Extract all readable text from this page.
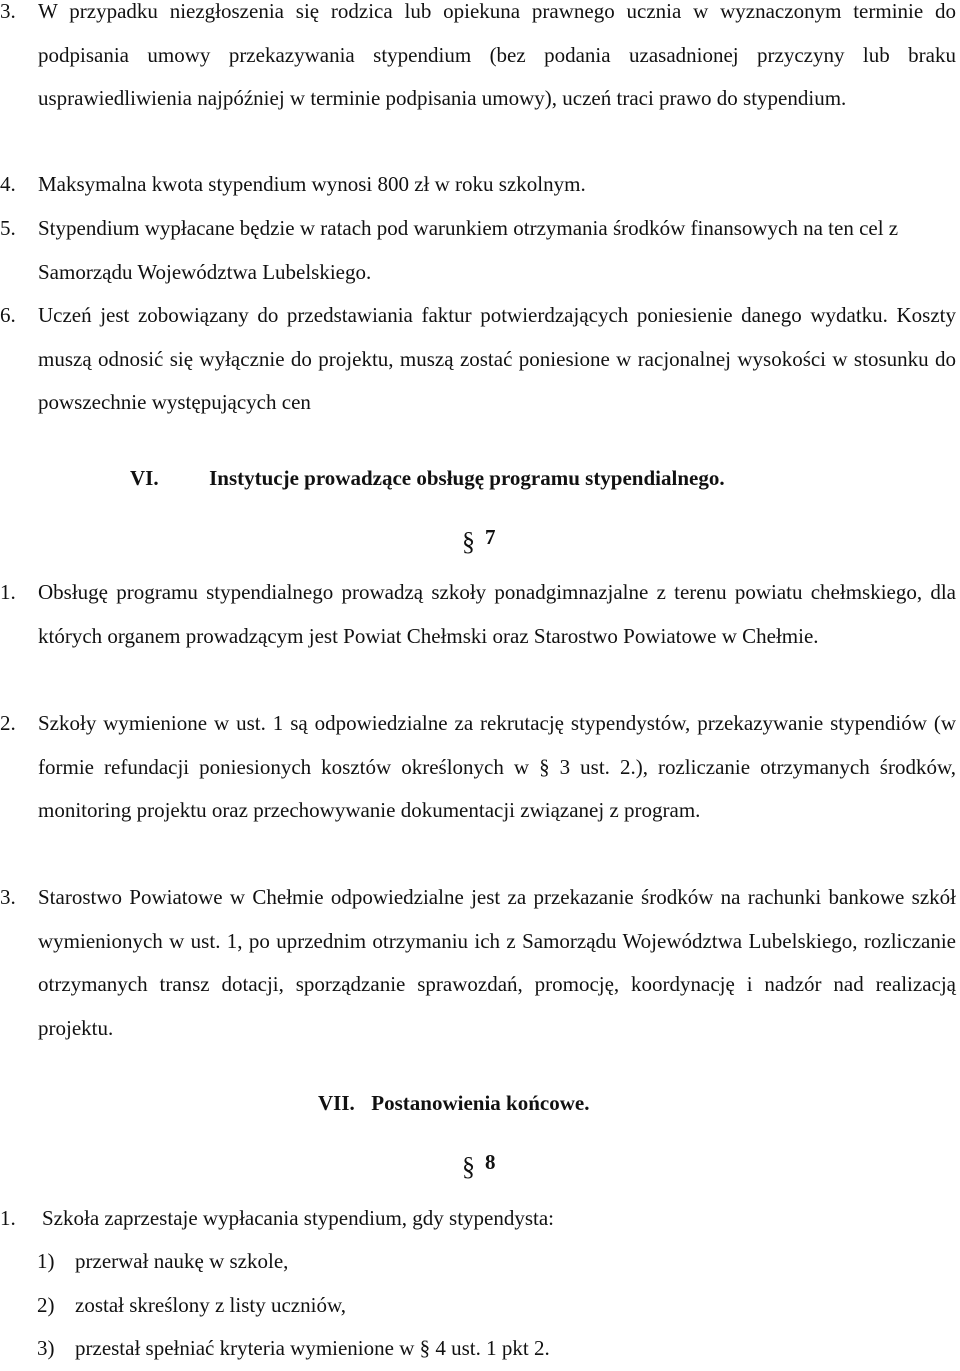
3. W przypadku niezgłoszenia się rodzica lub opiekuna prawnego ucznia w wyznaczonym terminie do podpisania umowy przekazywania stypendium (bez podania uzasadnionej przyczyny lub braku usprawiedliwienia najpóźniej w terminie podpisania umowy), uczeń traci prawo do stypendium.
4. Maksymalna kwota stypendium wynosi 800 zł w roku szkolnym.
5. Stypendium wypłacane będzie w ratach pod warunkiem otrzymania środków finansowych na ten cel z Samorządu Województwa Lubelskiego.
6. Uczeń jest zobowiązany do przedstawiania faktur potwierdzających poniesienie danego wydatku. Koszty muszą odnosić się wyłącznie do projektu, muszą zostać poniesione w racjonalnej wysokości w stosunku do powszechnie występujących cen
VI. Instytucje prowadzące obsługę programu stypendialnego.
§ 7
1. Obsługę programu stypendialnego prowadzą szkoły ponadgimnazjalne z terenu powiatu chełmskiego, dla których organem prowadzącym jest Powiat Chełmski oraz Starostwo Powiatowe w Chełmie.
2. Szkoły wymienione w ust. 1 są odpowiedzialne za rekrutację stypendystów, przekazywanie stypendiów (w formie refundacji poniesionych kosztów określonych w § 3 ust. 2.), rozliczanie otrzymanych środków, monitoring projektu oraz przechowywanie dokumentacji związanej z program.
3. Starostwo Powiatowe w Chełmie odpowiedzialne jest za przekazanie środków na rachunki bankowe szkół wymienionych w ust. 1, po uprzednim otrzymaniu ich z Samorządu Województwa Lubelskiego, rozliczanie otrzymanych transz dotacji, sporządzanie sprawozdań, promocję, koordynację i nadzór nad realizacją projektu.
VII. Postanowienia końcowe.
§ 8
1. Szkoła zaprzestaje wypłacania stypendium, gdy stypendysta:
1) przerwał naukę w szkole,
2) został skreślony z listy uczniów,
3) przestał spełniać kryteria wymienione w § 4 ust. 1 pkt 2.
